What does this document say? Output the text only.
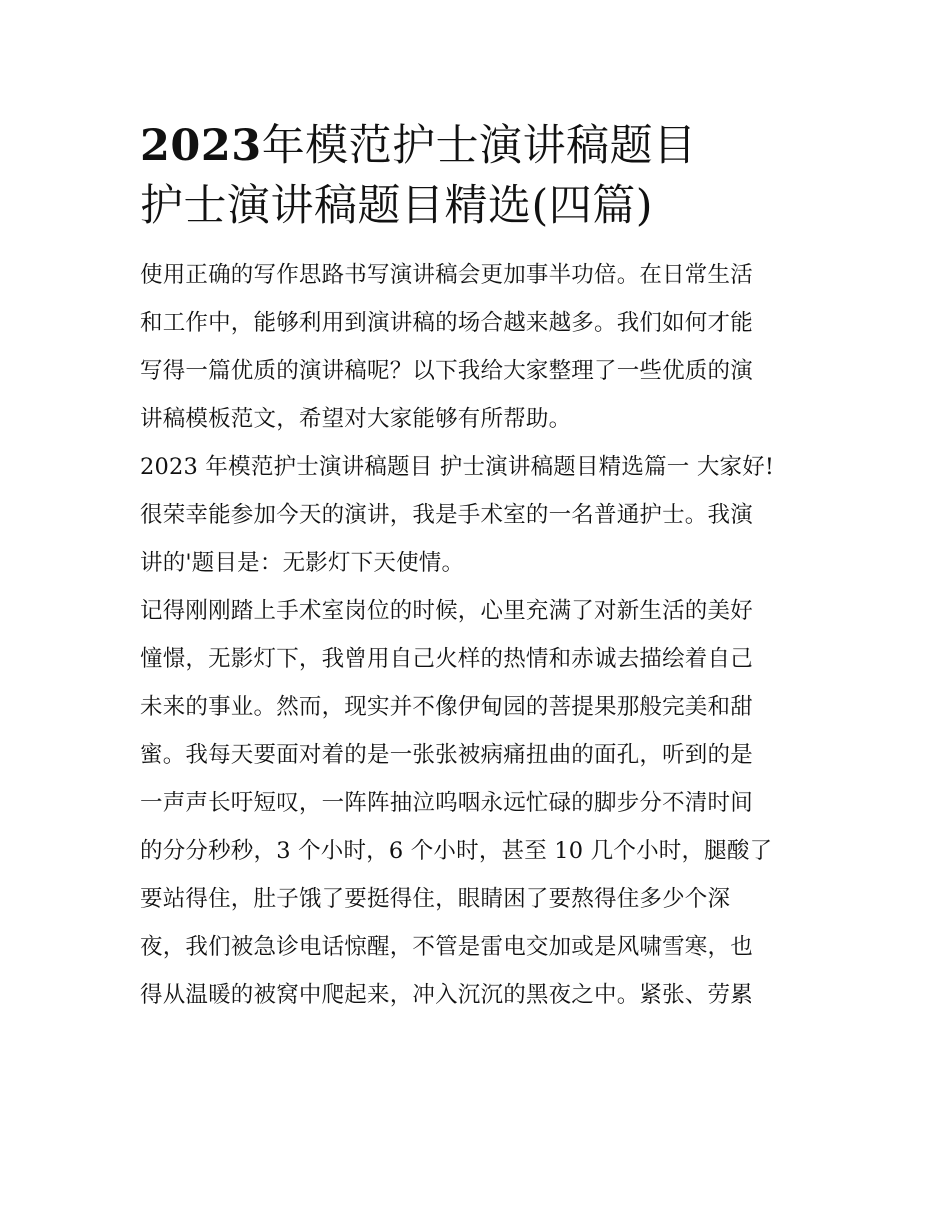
2023年模范护士演讲稿题目
护士演讲稿题目精选(四篇)

使用正确的写作思路书写演讲稿会更加事半功倍。在日常生活
和工作中，能够利用到演讲稿的场合越来越多。我们如何才能
写得一篇优质的演讲稿呢？以下我给大家整理了一些优质的演
讲稿模板范文，希望对大家能够有所帮助。

2023 年模范护士演讲稿题目 护士演讲稿题目精选篇一 大家好!
很荣幸能参加今天的演讲，我是手术室的一名普通护士。我演
讲的'题目是：无影灯下天使情。

记得刚刚踏上手术室岗位的时候，心里充满了对新生活的美好
憧憬，无影灯下，我曾用自己火样的热情和赤诚去描绘着自己
未来的事业。然而，现实并不像伊甸园的菩提果那般完美和甜
蜜。我每天要面对着的是一张张被病痛扭曲的面孔，听到的是
一声声长吁短叹，一阵阵抽泣呜咽永远忙碌的脚步分不清时间
的分分秒秒，3 个小时，6 个小时，甚至 10 几个小时，腿酸了
要站得住，肚子饿了要挺得住，眼睛困了要熬得住多少个深
夜，我们被急诊电话惊醒，不管是雷电交加或是风啸雪寒，也
得从温暖的被窝中爬起来，冲入沉沉的黑夜之中。紧张、劳累
